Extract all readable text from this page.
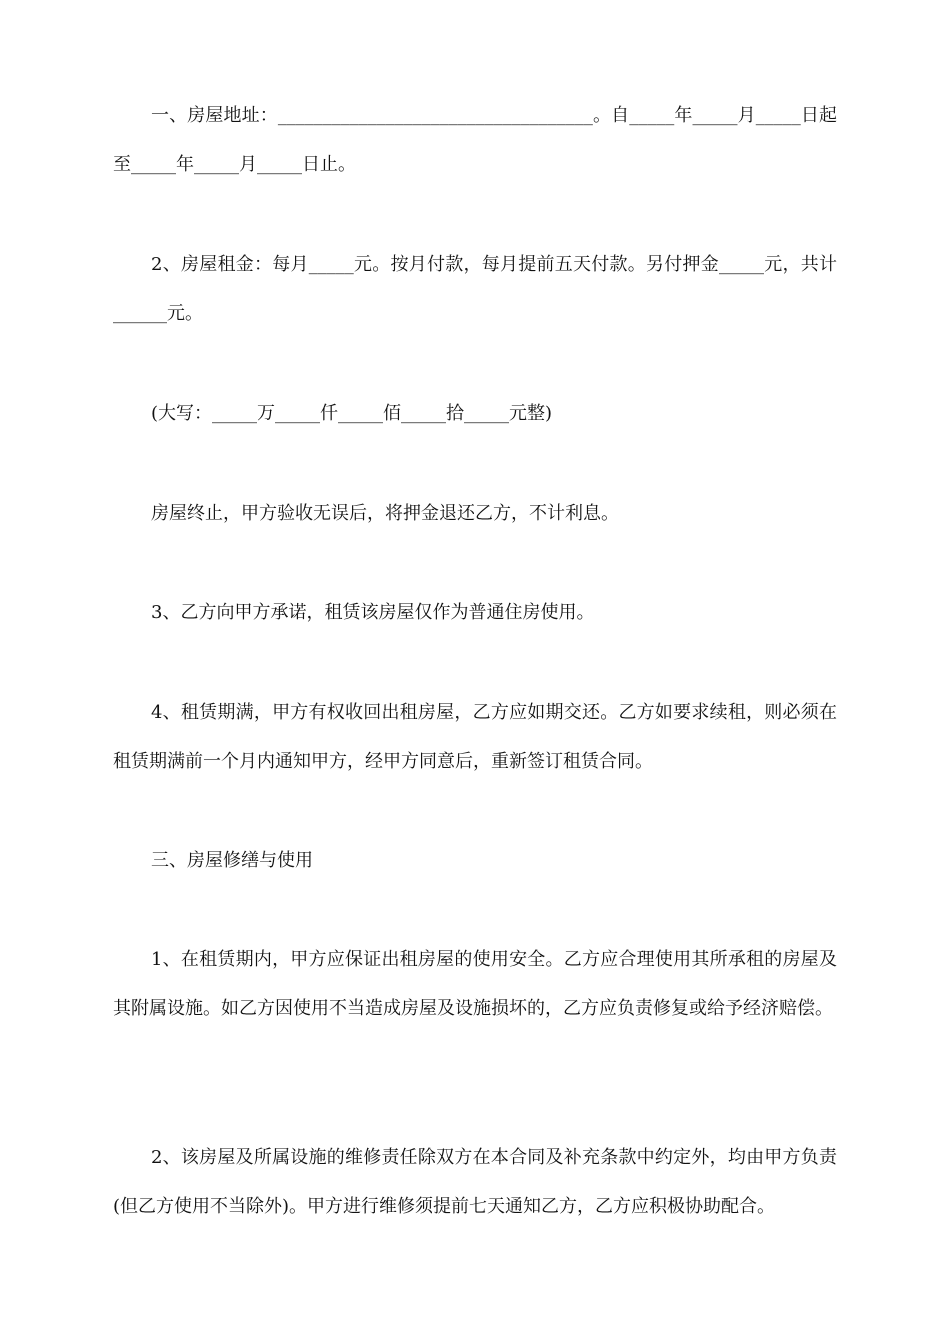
一、房屋地址：___________________________________。自_____年_____月_____日起至_____年_____月_____日止。

2、房屋租金：每月_____元。按月付款，每月提前五天付款。另付押金_____元，共计______元。

(大写：_____万_____仟_____佰_____拾_____元整)

房屋终止，甲方验收无误后，将押金退还乙方，不计利息。

3、乙方向甲方承诺，租赁该房屋仅作为普通住房使用。

4、租赁期满，甲方有权收回出租房屋，乙方应如期交还。乙方如要求续租，则必须在租赁期满前一个月内通知甲方，经甲方同意后，重新签订租赁合同。

三、房屋修缮与使用

1、在租赁期内，甲方应保证出租房屋的使用安全。乙方应合理使用其所承租的房屋及其附属设施。如乙方因使用不当造成房屋及设施损坏的，乙方应负责修复或给予经济赔偿。

2、该房屋及所属设施的维修责任除双方在本合同及补充条款中约定外，均由甲方负责(但乙方使用不当除外)。甲方进行维修须提前七天通知乙方，乙方应积极协助配合。
